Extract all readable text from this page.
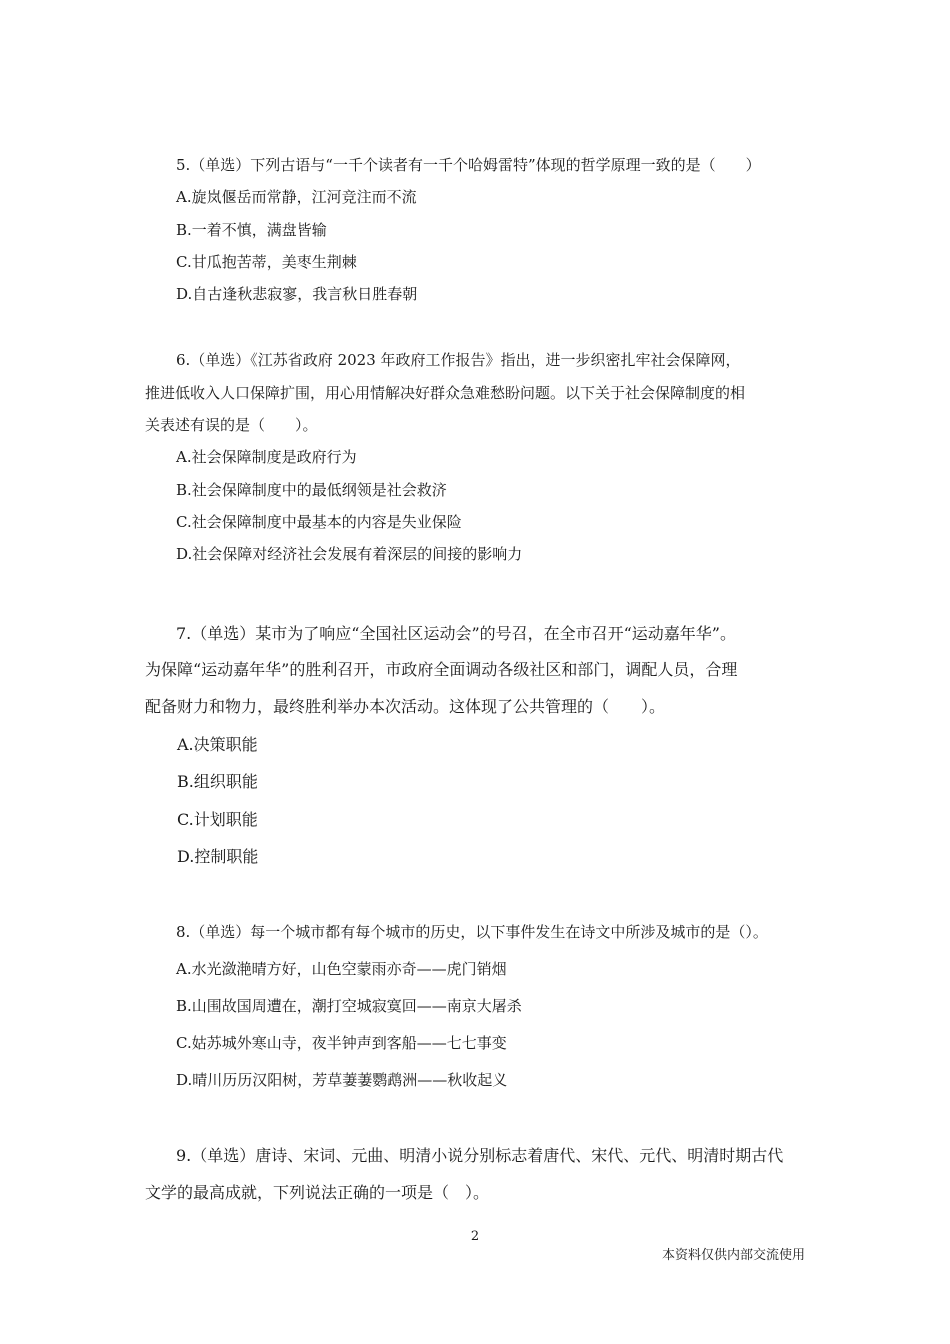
5.（单选）下列古语与“一千个读者有一千个哈姆雷特”体现的哲学原理一致的是（　　）
A.旋岚偃岳而常静，江河竞注而不流
B.一着不慎，满盘皆输
C.甘瓜抱苦蒂，美枣生荆棘
D.自古逢秋悲寂寥，我言秋日胜春朝
6.（单选）《江苏省政府 2023 年政府工作报告》指出，进一步织密扎牢社会保障网，
推进低收入人口保障扩围，用心用情解决好群众急难愁盼问题。以下关于社会保障制度的相
关表述有误的是（　　）。
A.社会保障制度是政府行为
B.社会保障制度中的最低纲领是社会救济
C.社会保障制度中最基本的内容是失业保险
D.社会保障对经济社会发展有着深层的间接的影响力
7.（单选）某市为了响应“全国社区运动会”的号召，在全市召开“运动嘉年华”。
为保障“运动嘉年华”的胜利召开，市政府全面调动各级社区和部门，调配人员，合理
配备财力和物力，最终胜利举办本次活动。这体现了公共管理的（　　）。
A.决策职能
B.组织职能
C.计划职能
D.控制职能
8.（单选）每一个城市都有每个城市的历史，以下事件发生在诗文中所涉及城市的是（）。
A.水光潋滟晴方好，山色空蒙雨亦奇——虎门销烟
B.山围故国周遭在，潮打空城寂寞回——南京大屠杀
C.姑苏城外寒山寺，夜半钟声到客船——七七事变
D.晴川历历汉阳树，芳草萋萋鹦鹉洲——秋收起义
9.（单选）唐诗、宋词、元曲、明清小说分别标志着唐代、宋代、元代、明清时期古代
文学的最高成就，下列说法正确的一项是（　）。
2
本资料仅供内部交流使用
